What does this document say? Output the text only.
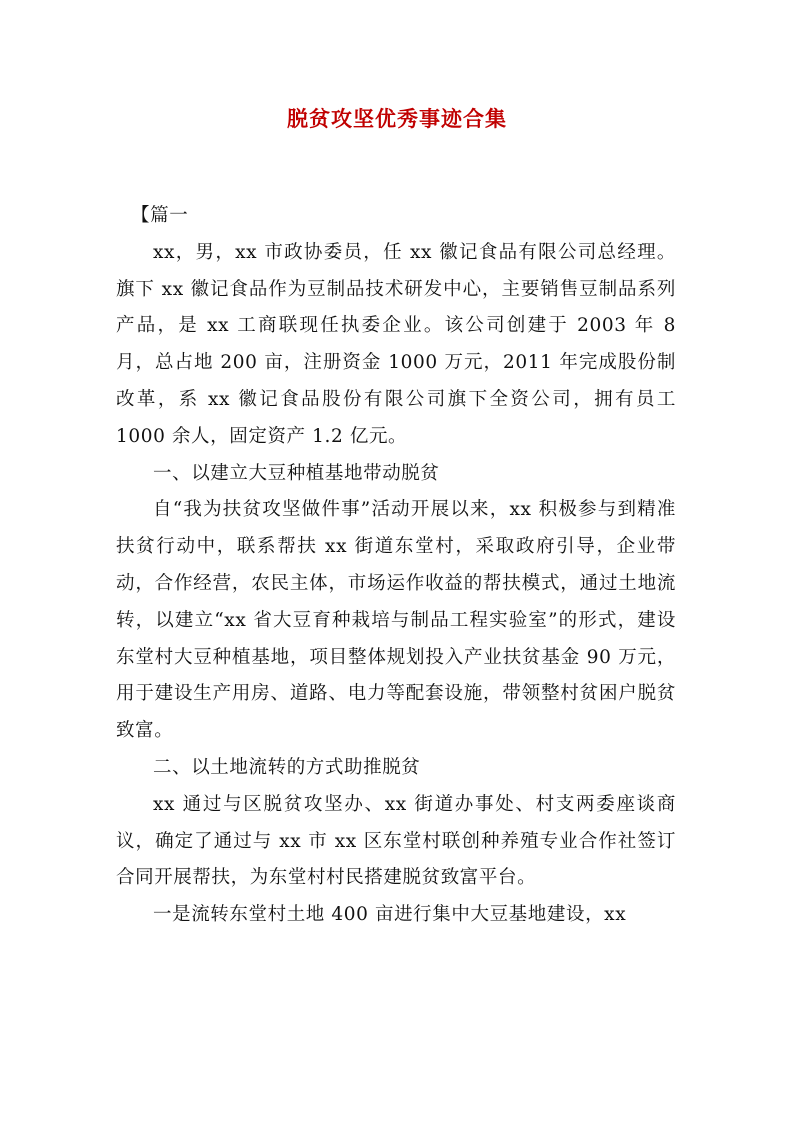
脱贫攻坚优秀事迹合集

【篇一

xx，男，xx 市政协委员，任 xx 徽记食品有限公司总经理。旗下 xx 徽记食品作为豆制品技术研发中心，主要销售豆制品系列产品，是 xx 工商联现任执委企业。该公司创建于 2003 年 8 月，总占地 200 亩，注册资金 1000 万元，2011 年完成股份制改革，系 xx 徽记食品股份有限公司旗下全资公司，拥有员工 1000 余人，固定资产 1.2 亿元。

一、以建立大豆种植基地带动脱贫

自“我为扶贫攻坚做件事”活动开展以来，xx 积极参与到精准扶贫行动中，联系帮扶 xx 街道东堂村，采取政府引导，企业带动，合作经营，农民主体，市场运作收益的帮扶模式，通过土地流转，以建立“xx 省大豆育种栽培与制品工程实验室”的形式，建设东堂村大豆种植基地，项目整体规划投入产业扶贫基金 90 万元，用于建设生产用房、道路、电力等配套设施，带领整村贫困户脱贫致富。

二、以土地流转的方式助推脱贫

xx 通过与区脱贫攻坚办、xx 街道办事处、村支两委座谈商议，确定了通过与 xx 市 xx 区东堂村联创种养殖专业合作社签订合同开展帮扶，为东堂村村民搭建脱贫致富平台。

一是流转东堂村土地 400 亩进行集中大豆基地建设，xx
